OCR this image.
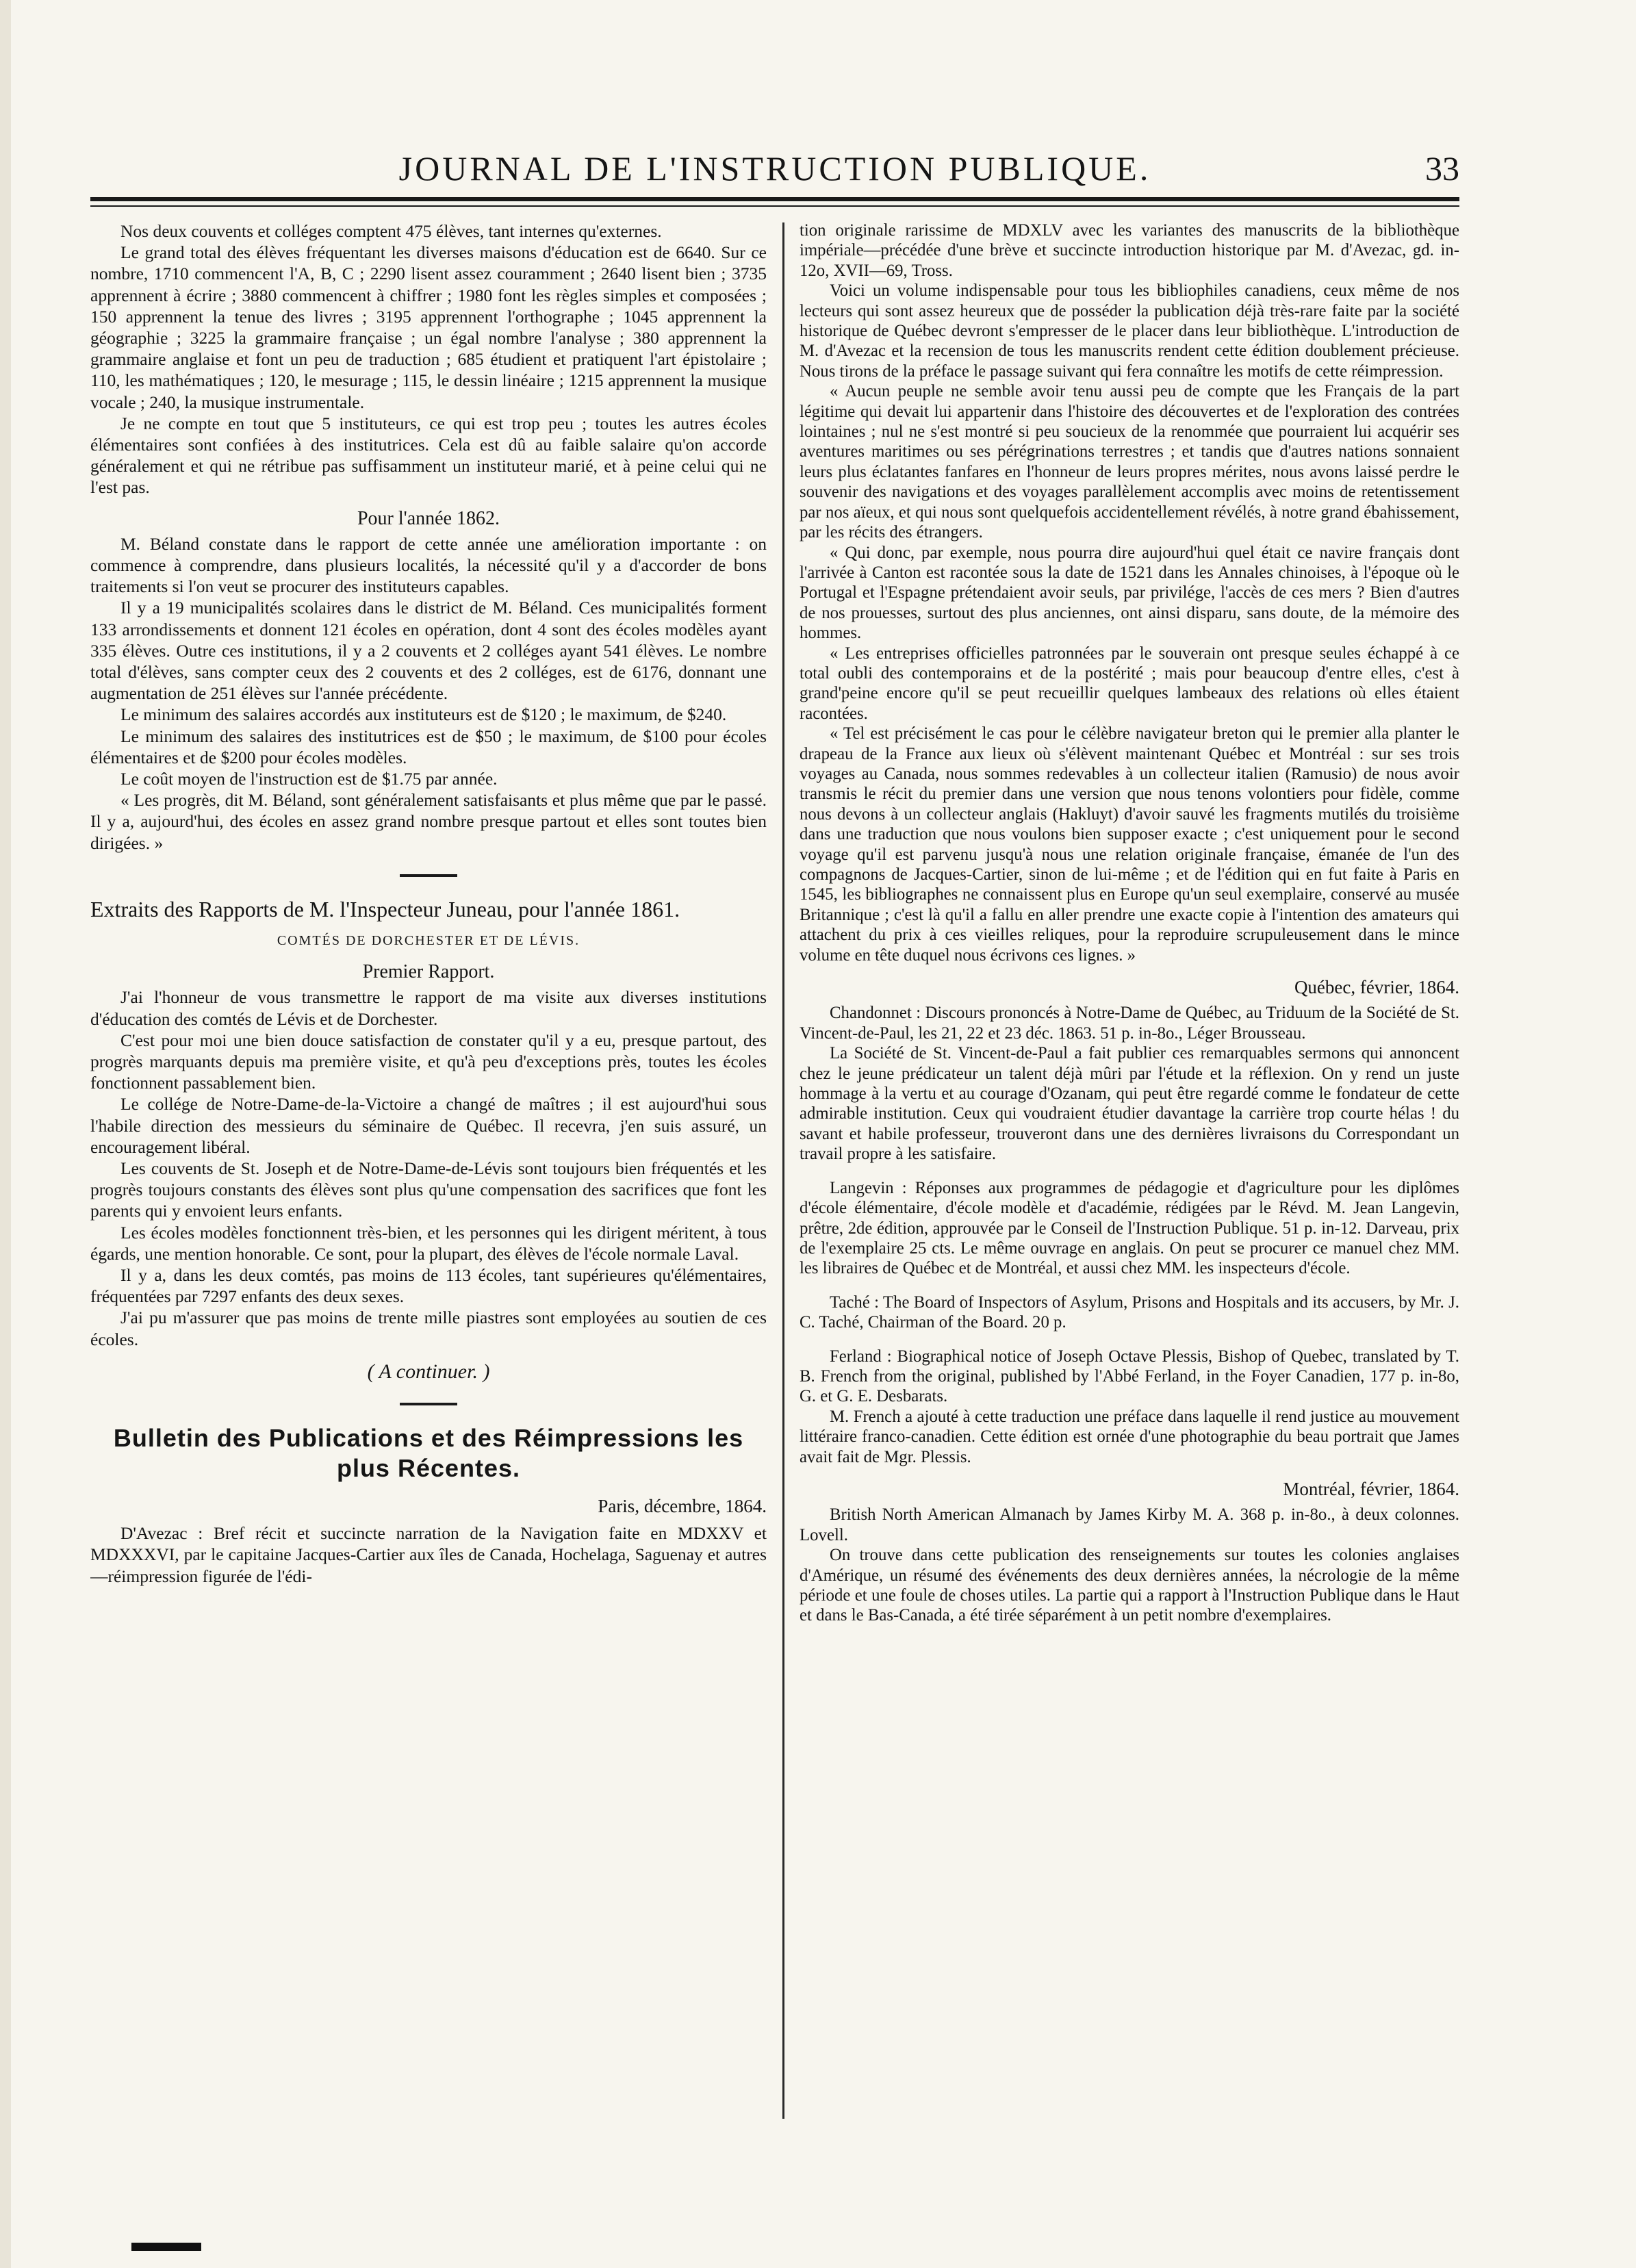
JOURNAL DE L'INSTRUCTION PUBLIQUE.	33

Nos deux couvents et colléges comptent 475 élèves, tant internes qu'externes.

Le grand total des élèves fréquentant les diverses maisons d'éducation est de 6640. Sur ce nombre, 1710 commencent l'A, B, C ; 2290 lisent assez couramment ; 2640 lisent bien ; 3735 apprennent à écrire ; 3880 commencent à chiffrer ; 1980 font les règles simples et composées ; 150 apprennent la tenue des livres ; 3195 apprennent l'orthographe ; 1045 apprennent la géographie ; 3225 la grammaire française ; un égal nombre l'analyse ; 380 apprennent la grammaire anglaise et font un peu de traduction ; 685 étudient et pratiquent l'art épistolaire ; 110, les mathématiques ; 120, le mesurage ; 115, le dessin linéaire ; 1215 apprennent la musique vocale ; 240, la musique instrumentale.

Je ne compte en tout que 5 instituteurs, ce qui est trop peu ; toutes les autres écoles élémentaires sont confiées à des institutrices. Cela est dû au faible salaire qu'on accorde généralement et qui ne rétribue pas suffisamment un instituteur marié, et à peine celui qui ne l'est pas.

Pour l'année 1862.

M. Béland constate dans le rapport de cette année une amélioration importante : on commence à comprendre, dans plusieurs localités, la nécessité qu'il y a d'accorder de bons traitements si l'on veut se procurer des instituteurs capables.

Il y a 19 municipalités scolaires dans le district de M. Béland. Ces municipalités forment 133 arrondissements et donnent 121 écoles en opération, dont 4 sont des écoles modèles ayant 335 élèves. Outre ces institutions, il y a 2 couvents et 2 colléges ayant 541 élèves. Le nombre total d'élèves, sans compter ceux des 2 couvents et des 2 colléges, est de 6176, donnant une augmentation de 251 élèves sur l'année précédente.

Le minimum des salaires accordés aux instituteurs est de $120 ; le maximum, de $240.

Le minimum des salaires des institutrices est de $50 ; le maximum, de $100 pour écoles élémentaires et de $200 pour écoles modèles.

Le coût moyen de l'instruction est de $1.75 par année.

« Les progrès, dit M. Béland, sont généralement satisfaisants et plus même que par le passé. Il y a, aujourd'hui, des écoles en assez grand nombre presque partout et elles sont toutes bien dirigées. »

Extraits des Rapports de M. l'Inspecteur Juneau, pour l'année 1861.

COMTÉS DE DORCHESTER ET DE LÉVIS.

Premier Rapport.

J'ai l'honneur de vous transmettre le rapport de ma visite aux diverses institutions d'éducation des comtés de Lévis et de Dorchester.

C'est pour moi une bien douce satisfaction de constater qu'il y a eu, presque partout, des progrès marquants depuis ma première visite, et qu'à peu d'exceptions près, toutes les écoles fonctionnent passablement bien.

Le collége de Notre-Dame-de-la-Victoire a changé de maîtres ; il est aujourd'hui sous l'habile direction des messieurs du séminaire de Québec. Il recevra, j'en suis assuré, un encouragement libéral.

Les couvents de St. Joseph et de Notre-Dame-de-Lévis sont toujours bien fréquentés et les progrès toujours constants des élèves sont plus qu'une compensation des sacrifices que font les parents qui y envoient leurs enfants.

Les écoles modèles fonctionnent très-bien, et les personnes qui les dirigent méritent, à tous égards, une mention honorable. Ce sont, pour la plupart, des élèves de l'école normale Laval.

Il y a, dans les deux comtés, pas moins de 113 écoles, tant supérieures qu'élémentaires, fréquentées par 7297 enfants des deux sexes.

J'ai pu m'assurer que pas moins de trente mille piastres sont employées au soutien de ces écoles.

( A continuer. )

Bulletin des Publications et des Réimpressions les plus Récentes.

Paris, décembre, 1864.

D'Avezac : Bref récit et succincte narration de la Navigation faite en MDXXV et MDXXXVI, par le capitaine Jacques-Cartier aux îles de Canada, Hochelaga, Saguenay et autres—réimpression figurée de l'édi-

tion originale rarissime de MDXLV avec les variantes des manuscrits de la bibliothèque impériale—précédée d'une brève et succincte introduction historique par M. d'Avezac, gd. in-12o, XVII—69, Tross.

Voici un volume indispensable pour tous les bibliophiles canadiens, ceux même de nos lecteurs qui sont assez heureux que de posséder la publication déjà très-rare faite par la société historique de Québec devront s'empresser de le placer dans leur bibliothèque. L'introduction de M. d'Avezac et la recension de tous les manuscrits rendent cette édition doublement précieuse. Nous tirons de la préface le passage suivant qui fera connaître les motifs de cette réimpression.

« Aucun peuple ne semble avoir tenu aussi peu de compte que les Français de la part légitime qui devait lui appartenir dans l'histoire des découvertes et de l'exploration des contrées lointaines ; nul ne s'est montré si peu soucieux de la renommée que pourraient lui acquérir ses aventures maritimes ou ses pérégrinations terrestres ; et tandis que d'autres nations sonnaient leurs plus éclatantes fanfares en l'honneur de leurs propres mérites, nous avons laissé perdre le souvenir des navigations et des voyages parallèlement accomplis avec moins de retentissement par nos aïeux, et qui nous sont quelquefois accidentellement révélés, à notre grand ébahissement, par les récits des étrangers.

« Qui donc, par exemple, nous pourra dire aujourd'hui quel était ce navire français dont l'arrivée à Canton est racontée sous la date de 1521 dans les Annales chinoises, à l'époque où le Portugal et l'Espagne prétendaient avoir seuls, par privilége, l'accès de ces mers ? Bien d'autres de nos prouesses, surtout des plus anciennes, ont ainsi disparu, sans doute, de la mémoire des hommes.

« Les entreprises officielles patronnées par le souverain ont presque seules échappé à ce total oubli des contemporains et de la postérité ; mais pour beaucoup d'entre elles, c'est à grand'peine encore qu'il se peut recueillir quelques lambeaux des relations où elles étaient racontées.

« Tel est précisément le cas pour le célèbre navigateur breton qui le premier alla planter le drapeau de la France aux lieux où s'élèvent maintenant Québec et Montréal : sur ses trois voyages au Canada, nous sommes redevables à un collecteur italien (Ramusio) de nous avoir transmis le récit du premier dans une version que nous tenons volontiers pour fidèle, comme nous devons à un collecteur anglais (Hakluyt) d'avoir sauvé les fragments mutilés du troisième dans une traduction que nous voulons bien supposer exacte ; c'est uniquement pour le second voyage qu'il est parvenu jusqu'à nous une relation originale française, émanée de l'un des compagnons de Jacques-Cartier, sinon de lui-même ; et de l'édition qui en fut faite à Paris en 1545, les bibliographes ne connaissent plus en Europe qu'un seul exemplaire, conservé au musée Britannique ; c'est là qu'il a fallu en aller prendre une exacte copie à l'intention des amateurs qui attachent du prix à ces vieilles reliques, pour la reproduire scrupuleusement dans le mince volume en tête duquel nous écrivons ces lignes. »

Québec, février, 1864.

Chandonnet : Discours prononcés à Notre-Dame de Québec, au Triduum de la Société de St. Vincent-de-Paul, les 21, 22 et 23 déc. 1863. 51 p. in-8o., Léger Brousseau.

La Société de St. Vincent-de-Paul a fait publier ces remarquables sermons qui annoncent chez le jeune prédicateur un talent déjà mûri par l'étude et la réflexion. On y rend un juste hommage à la vertu et au courage d'Ozanam, qui peut être regardé comme le fondateur de cette admirable institution. Ceux qui voudraient étudier davantage la carrière trop courte hélas ! du savant et habile professeur, trouveront dans une des dernières livraisons du Correspondant un travail propre à les satisfaire.

Langevin : Réponses aux programmes de pédagogie et d'agriculture pour les diplômes d'école élémentaire, d'école modèle et d'académie, rédigées par le Révd. M. Jean Langevin, prêtre, 2de édition, approuvée par le Conseil de l'Instruction Publique. 51 p. in-12. Darveau, prix de l'exemplaire 25 cts. Le même ouvrage en anglais. On peut se procurer ce manuel chez MM. les libraires de Québec et de Montréal, et aussi chez MM. les inspecteurs d'école.

Taché : The Board of Inspectors of Asylum, Prisons and Hospitals and its accusers, by Mr. J. C. Taché, Chairman of the Board. 20 p.

Ferland : Biographical notice of Joseph Octave Plessis, Bishop of Quebec, translated by T. B. French from the original, published by l'Abbé Ferland, in the Foyer Canadien, 177 p. in-8o, G. et G. E. Desbarats.

M. French a ajouté à cette traduction une préface dans laquelle il rend justice au mouvement littéraire franco-canadien. Cette édition est ornée d'une photographie du beau portrait que James avait fait de Mgr. Plessis.

Montréal, février, 1864.

British North American Almanach by James Kirby M. A. 368 p. in-8o., à deux colonnes. Lovell.

On trouve dans cette publication des renseignements sur toutes les colonies anglaises d'Amérique, un résumé des événements des deux dernières années, la nécrologie de la même période et une foule de choses utiles. La partie qui a rapport à l'Instruction Publique dans le Haut et dans le Bas-Canada, a été tirée séparément à un petit nombre d'exemplaires.
